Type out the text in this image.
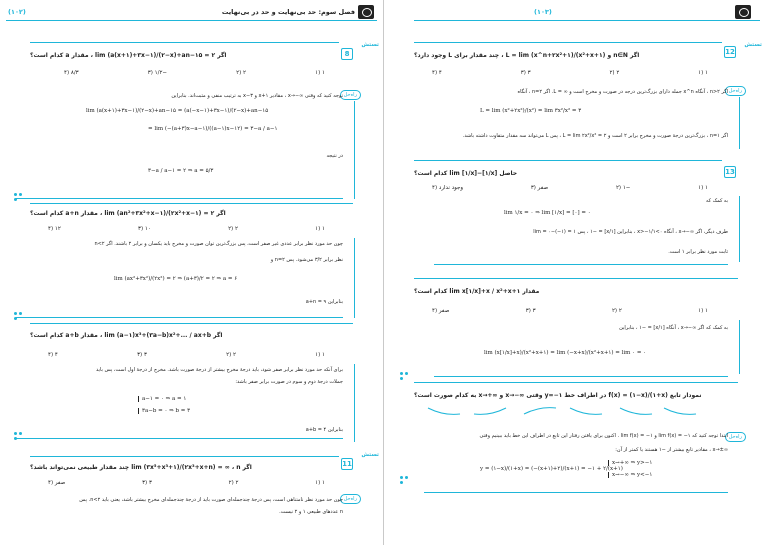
(۱۰۲)	فصل سوم: حد بی‌نهایت و حد در بی‌نهایت
تستش
8
اگر ۲ = lim (a(x+۱)+۳x−۱)/(۲−x)+an−۱۵ ، مقدار a کدام است؟
۱ (۱
۲ (۲
−۱/۲ (۳
۸/۳ (۴
راه‌حل
توجه کنید که وقتی ∞−→x ، مقادیر x+۱ و ۳−x به ترتیب منفی و مثبت‌اند. بنابراین
lim (a(x+۱)+۳x−۱)/(۲−x)+an−۱۵ = (a(−x−۱)+۳x−۱)/(۲−x)+an−۱۵
= lim (−(a+۳)x−a−۱)/((a−۱)x−۱۲) = ۳−a / a−۱
در نتیجه
۳−a / a−۱ = ۲ ⇒ a = ۵/۳
اگر ۲ = lim (an²+۳x²+x−۱)/(۲x²+x−۱) ، مقدار a+n کدام است؟
۱ (۱
۲ (۲
۱۰ (۳
۱۲ (۴
چون حد مورد نظر برابر عددی غیر صفر است، پس بزرگ‌ترین توان صورت و مخرج باید یکسان و برابر ۲ باشند. اگر n<۲
نظر برابر ۳/۲ می‌شود. پس n=۲ و
lim (ax²+۳x²)/(۲x²) = ۲ ⇒ (a+۳)/۲ = ۲ ⇒ a = ۶
بنابراین a+n = ۹
اگر lim (a−۱)x³+(۳a−b)x²+... / ax+b ، مقدار a+b کدام است؟
۱ (۱
۲ (۲
۳ (۳
۴ (۴
برای آنکه حد مورد نظر برابر صفر شود، باید درجهٔ مخرج بیشتر از درجهٔ صورت باشد. مخرج از درجهٔ اول است، پس باید
جملات درجهٔ دوم و سوم در صورت برابر صفر باشد:
a−۱ = ۰ ⇒ a = ۱
۳a−b = ۰ ⇒ b = ۳
بنابراین a+b = ۴
تستش
11
اگر lim (۳x⁵+x³+۱)/(۲x³+x+n) = ∞ ، n چند مقدار طبیعی نمی‌تواند باشد؟
۱ (۱
۲ (۲
۳ (۳
صفر (۴
راه‌حل
چون حد مورد نظر نامتناهی است، پس درجهٔ چندجمله‌ای صورت باید از درجهٔ چندجمله‌ای مخرج بیشتر باشد، یعنی باید n<۲. پس
n عددهای طبیعی ۱ و ۲ نیست.
(۱۰۳)
تستش
12
اگر n∈N و L = lim (x^n+۲x²+۱)/(x²+x+۱) ، چند مقدار برای L وجود دارد؟
۱ (۱
۲ (۲
۳ (۳
۴ (۴
راه‌حل
اگر n>۲ ، آنگاه x^n جمله دارای بزرگ‌ترین درجه در صورت و مخرج است و ∞ = L. اگر n=۲ ، آنگاه
L = lim (x²+۲x²)/(x²) = lim ۳x²/x² = ۳
اگر n=۱ ، بزرگ‌ترین درجهٔ صورت و مخرج برابر ۲ است و L = lim ۲x²/x² = ۲ ، پس L می‌تواند سه مقدار متفاوت داشته باشد.
13
حاصل lim [۱/x]−[۱/x] کدام است؟
۱ (۱
−۱ (۲
صفر (۳
وجود ندارد (۴
به کمک که
lim ۱/x = ۰ ⇒ lim [۱/x] = [۰] = ۰
طرف دیگر، اگر ∞−→x ، آنگاه ۰>۱/x>−۱ ، بنابراین [۱/x] = −۱ ، پس lim = ۰−(−۱) = ۱
ثابت مورد نظر برابر ۱ است.
مقدار lim x[۱/x]+x / x²+x+۱ کدام است؟
۱ (۱
۲ (۲
۳ (۳
صفر (۴
به کمک که اگر ∞−→x ، آنگاه [۱/x] = −۱ ، بنابراین
lim (x[۱/x]+x)/(x²+x+۱) = lim (−x+x)/(x²+x+۱) = lim ۰ = ۰
نمودار تابع f(x) = (۱−x)/(۱+x) در اطراف خط y=−۱ وقتی ∞−→x و ∞+→x به کدام صورت است؟
راه‌حل
ابتدا توجه کنید که lim f(x) = −۱ و lim f(x) = −۱ . اکنون برای یافتن رفتار این تابع در اطراف این خط باید ببینیم وقتی
∞±→x ، مقادیر تابع بیشتر از −۱ هستند یا کمتر از آن:
y = (۱−x)/(۱+x) = (−(x+۱)+۲)/(x+۱) = −۱ + ۲/(x+۱)
x→+∞ ⇒ y>−۱
x→−∞ ⇒ y<−۱
